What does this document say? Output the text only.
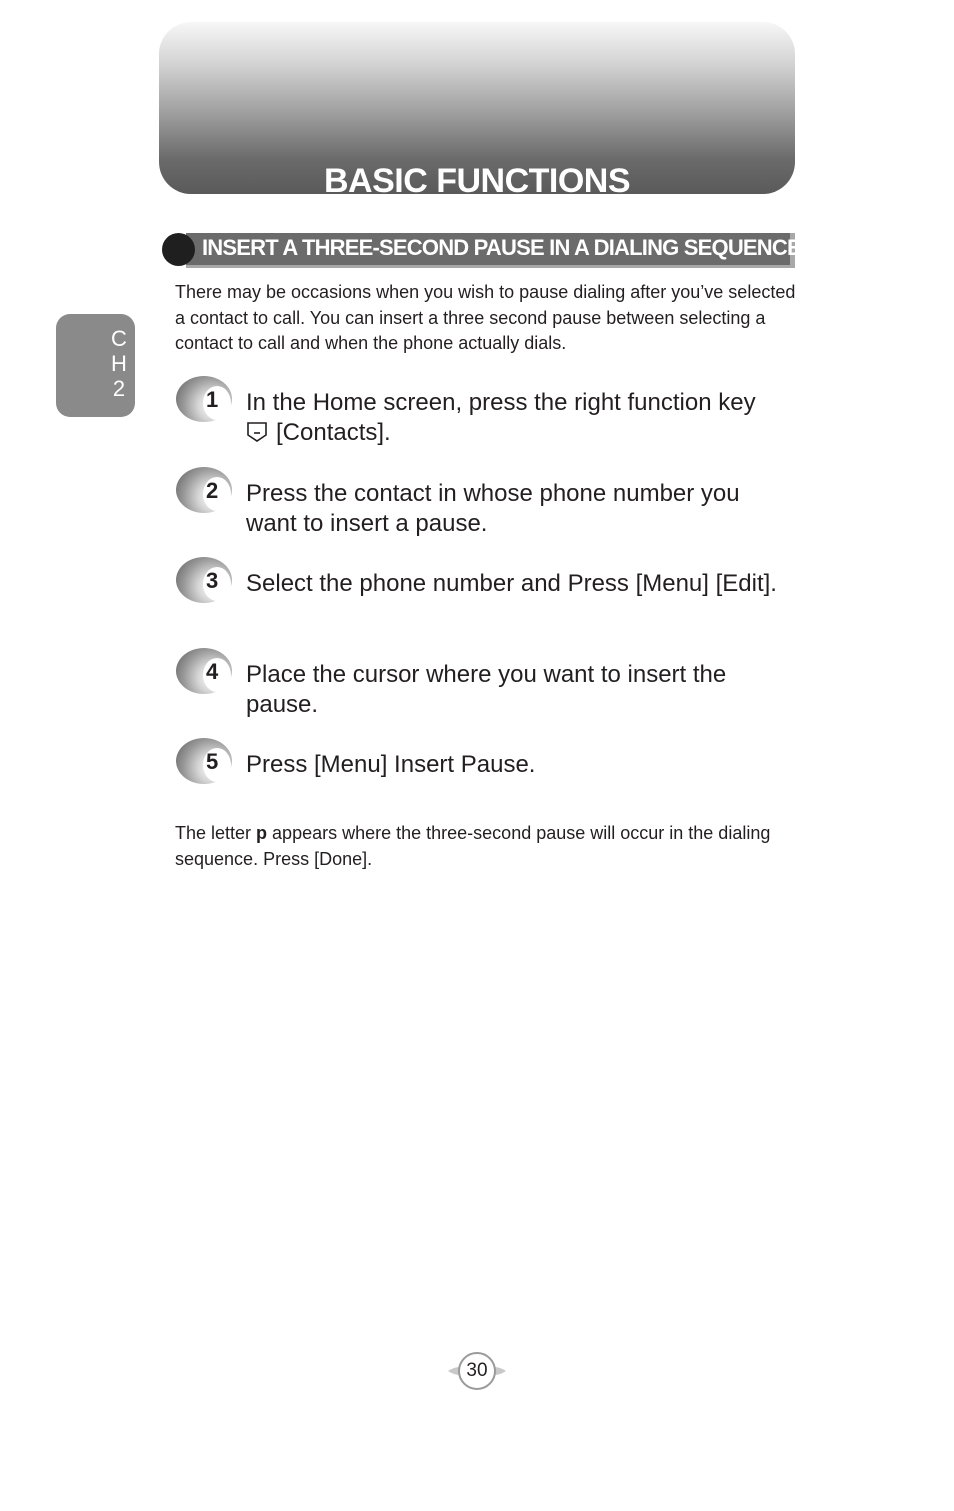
BASIC FUNCTIONS
C
H
2
INSERT A THREE-SECOND PAUSE IN A DIALING SEQUENCE
There may be occasions when you wish to pause dialing after you’ve selected a contact to call. You can insert a three second pause between selecting a contact to call and when the phone actually dials.
1 In the Home screen, press the right function key
[Contacts].
2 Press the contact in whose phone number you want to insert a pause.
3 Select the phone number and Press [Menu] [Edit].
4 Place the cursor where you want to insert the pause.
5 Press [Menu] Insert Pause.
The letter p appears where the three-second pause will occur in the dialing sequence. Press [Done].
30
